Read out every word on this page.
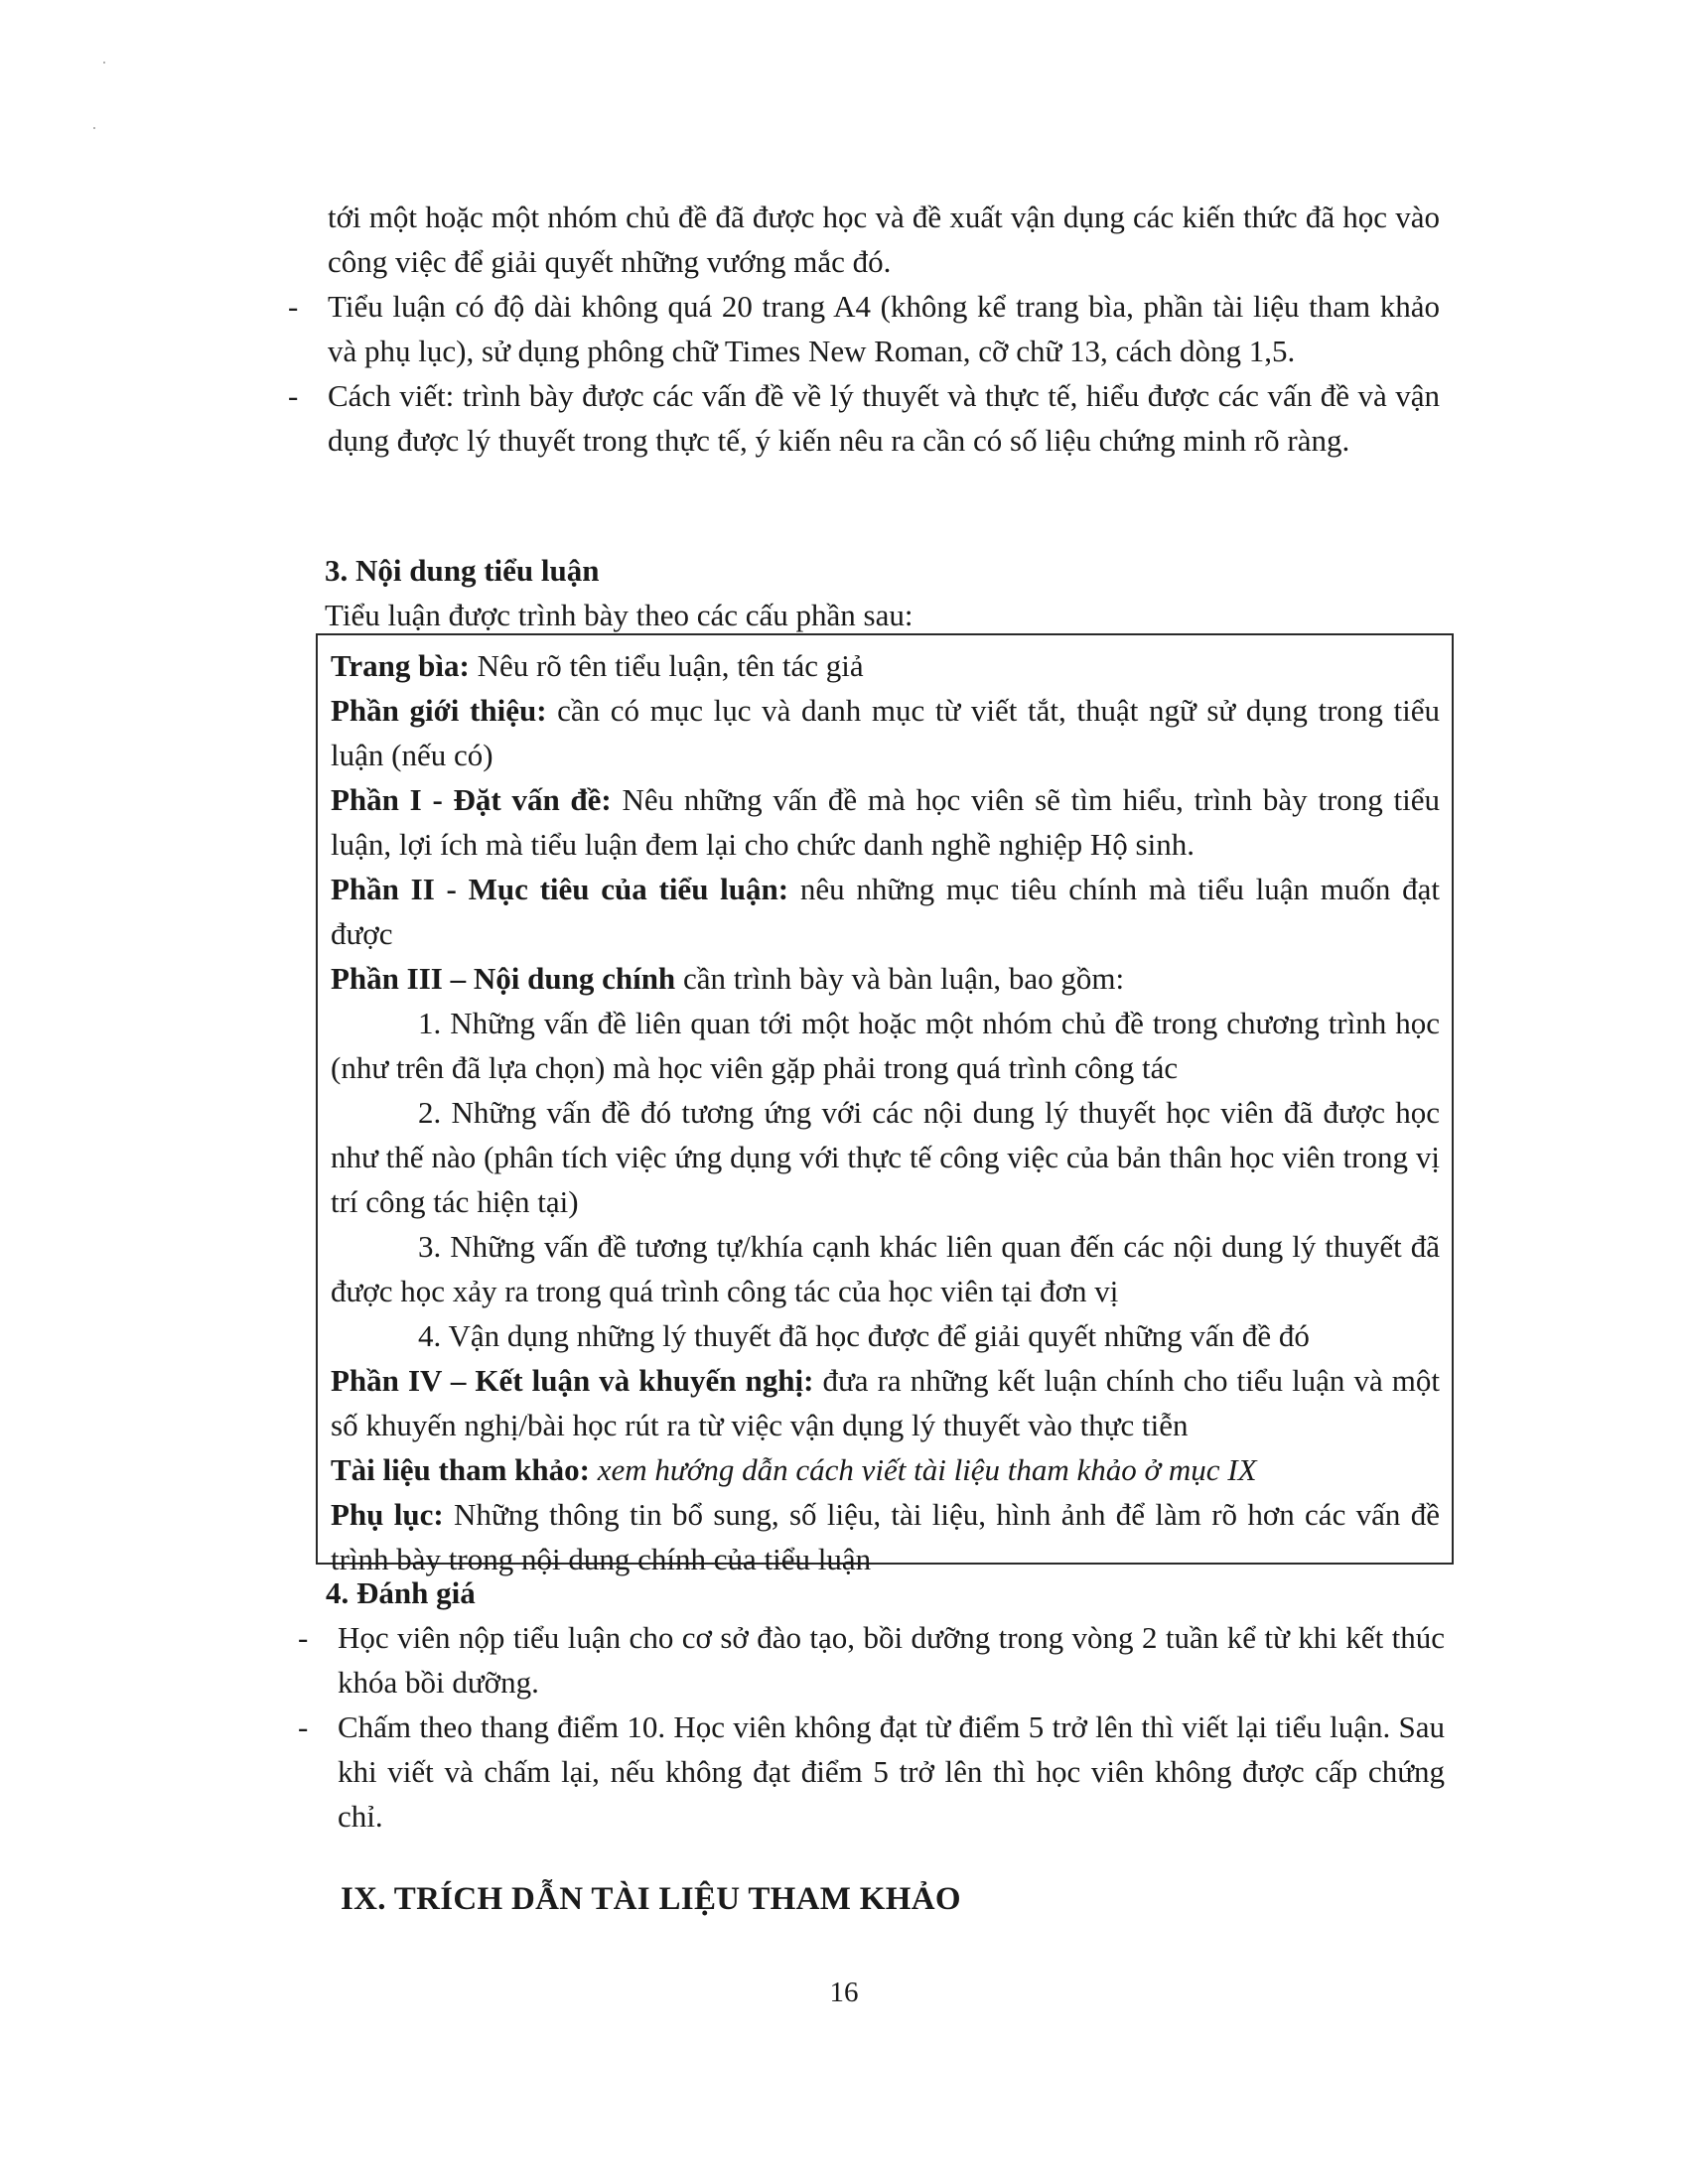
tới một hoặc một nhóm chủ đề đã được học và đề xuất vận dụng các kiến thức đã học vào công việc để giải quyết những vướng mắc đó.
- Tiểu luận có độ dài không quá 20 trang A4 (không kể trang bìa, phần tài liệu tham khảo và phụ lục), sử dụng phông chữ Times New Roman, cỡ chữ 13, cách dòng 1,5.
- Cách viết: trình bày được các vấn đề về lý thuyết và thực tế, hiểu được các vấn đề và vận dụng được lý thuyết trong thực tế, ý kiến nêu ra cần có số liệu chứng minh rõ ràng.
3. Nội dung tiểu luận

Tiểu luận được trình bày theo các cấu phần sau:

Trang bìa: Nêu rõ tên tiểu luận, tên tác giả

Phần giới thiệu: cần có mục lục và danh mục từ viết tắt, thuật ngữ sử dụng trong tiểu luận (nếu có)

Phần I - Đặt vấn đề: Nêu những vấn đề mà học viên sẽ tìm hiểu, trình bày trong tiểu luận, lợi ích mà tiểu luận đem lại cho chức danh nghề nghiệp Hộ sinh.

Phần II - Mục tiêu của tiểu luận: nêu những mục tiêu chính mà tiểu luận muốn đạt được

Phần III – Nội dung chính cần trình bày và bàn luận, bao gồm:

1. Những vấn đề liên quan tới một hoặc một nhóm chủ đề trong chương trình học (như trên đã lựa chọn) mà học viên gặp phải trong quá trình công tác

2. Những vấn đề đó tương ứng với các nội dung lý thuyết học viên đã được học như thế nào (phân tích việc ứng dụng với thực tế công việc của bản thân học viên trong vị trí công tác hiện tại)

3. Những vấn đề tương tự/khía cạnh khác liên quan đến các nội dung lý thuyết đã được học xảy ra trong quá trình công tác của học viên tại đơn vị

4. Vận dụng những lý thuyết đã học được để giải quyết những vấn đề đó

Phần IV – Kết luận và khuyến nghị: đưa ra những kết luận chính cho tiểu luận và một số khuyến nghị/bài học rút ra từ việc vận dụng lý thuyết vào thực tiễn

Tài liệu tham khảo: xem hướng dẫn cách viết tài liệu tham khảo ở mục IX

Phụ lục: Những thông tin bổ sung, số liệu, tài liệu, hình ảnh để làm rõ hơn các vấn đề trình bày trong nội dung chính của tiểu luận

4. Đánh giá
- Học viên nộp tiểu luận cho cơ sở đào tạo, bồi dưỡng trong vòng 2 tuần kể từ khi kết thúc khóa bồi dưỡng.
- Chấm theo thang điểm 10. Học viên không đạt từ điểm 5 trở lên thì viết lại tiểu luận. Sau khi viết và chấm lại, nếu không đạt điểm 5 trở lên thì học viên không được cấp chứng chỉ.
IX. TRÍCH DẪN TÀI LIỆU THAM KHẢO
16
